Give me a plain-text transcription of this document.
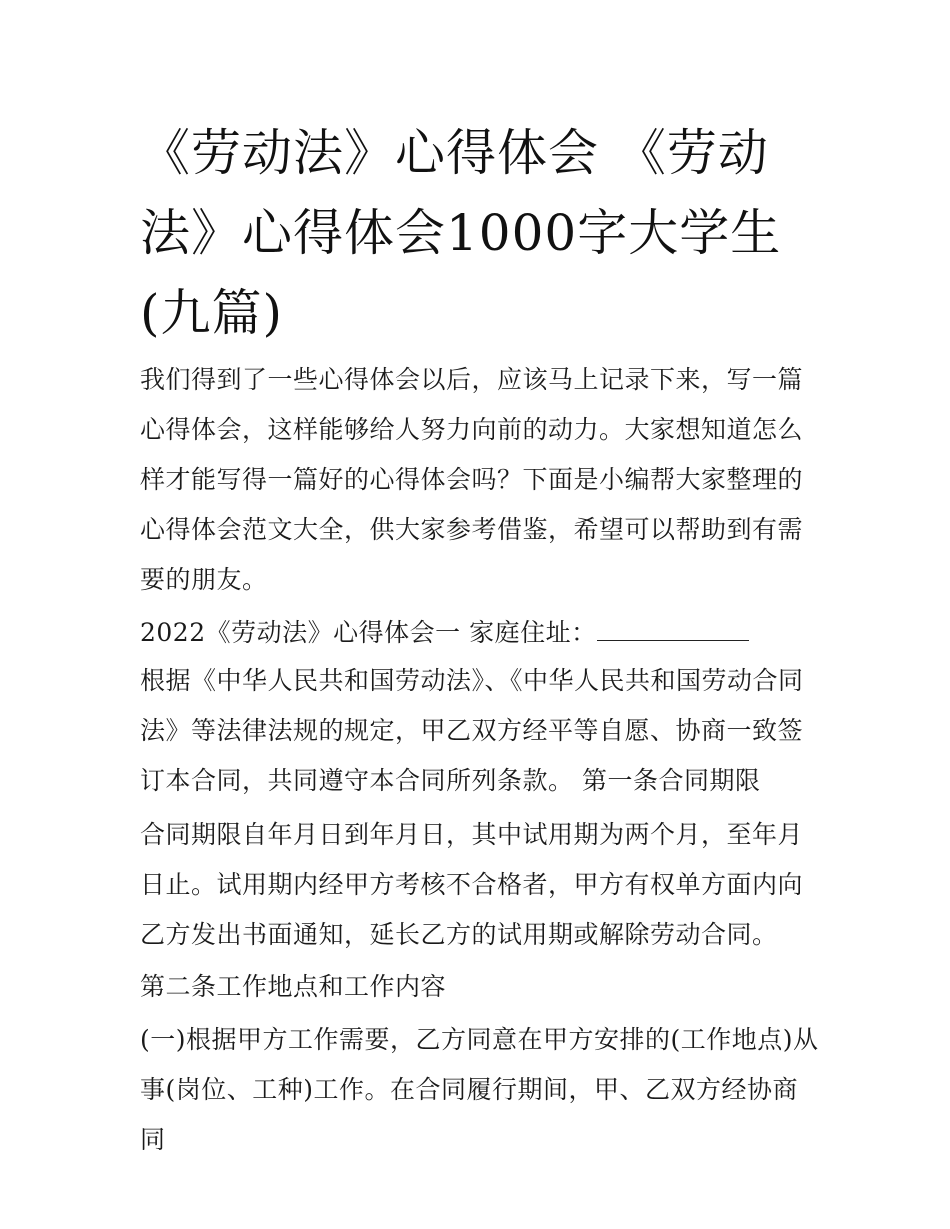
《劳动法》心得体会 《劳动法》心得体会1000字大学生(九篇)

我们得到了一些心得体会以后，应该马上记录下来，写一篇心得体会，这样能够给人努力向前的动力。大家想知道怎么样才能写得一篇好的心得体会吗？下面是小编帮大家整理的心得体会范文大全，供大家参考借鉴，希望可以帮助到有需要的朋友。

2022《劳动法》心得体会一 家庭住址：

根据《中华人民共和国劳动法》、《中华人民共和国劳动合同法》等法律法规的规定，甲乙双方经平等自愿、协商一致签订本合同，共同遵守本合同所列条款。 第一条合同期限

合同期限自年月日到年月日，其中试用期为两个月，至年月日止。试用期内经甲方考核不合格者，甲方有权单方面内向乙方发出书面通知，延长乙方的试用期或解除劳动合同。

第二条工作地点和工作内容

(一)根据甲方工作需要，乙方同意在甲方安排的(工作地点)从事(岗位、工种)工作。在合同履行期间，甲、乙双方经协商同
